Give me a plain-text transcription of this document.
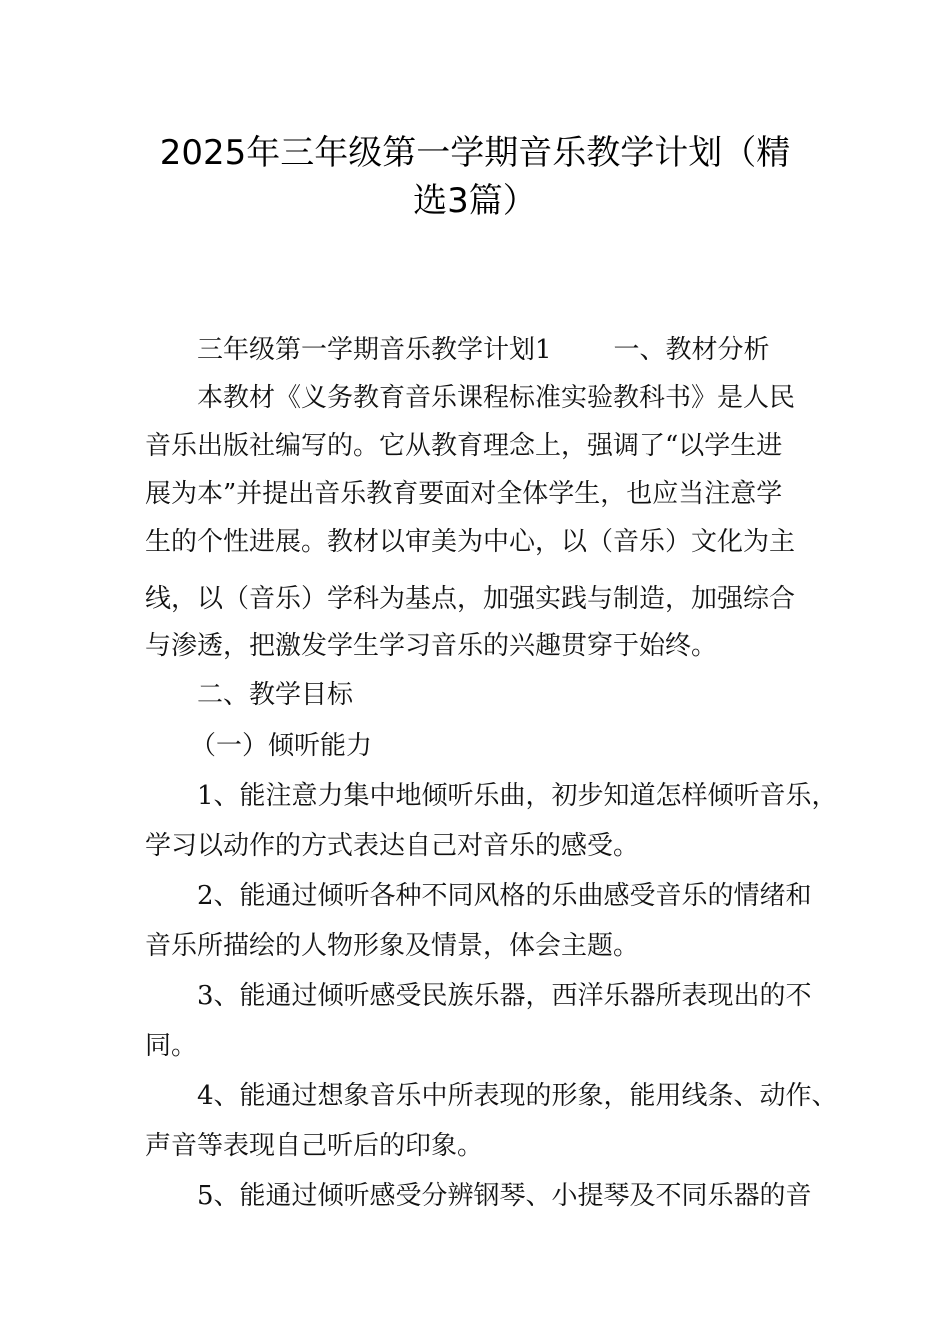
2025年三年级第一学期音乐教学计划（精
选3篇）
三年级第一学期音乐教学计划1 一、教材分析
本教材《义务教育音乐课程标准实验教科书》是人民
音乐出版社编写的。它从教育理念上，强调了“以学生进
展为本”并提出音乐教育要面对全体学生，也应当注意学
生的个性进展。教材以审美为中心，以（音乐）文化为主
线，以（音乐）学科为基点，加强实践与制造，加强综合
与渗透，把激发学生学习音乐的兴趣贯穿于始终。
二、教学目标
（一）倾听能力
1、能注意力集中地倾听乐曲，初步知道怎样倾听音乐，
学习以动作的方式表达自己对音乐的感受。
2、能通过倾听各种不同风格的乐曲感受音乐的情绪和
音乐所描绘的人物形象及情景，体会主题。
3、能通过倾听感受民族乐器，西洋乐器所表现出的不
同。
4、能通过想象音乐中所表现的形象，能用线条、动作、
声音等表现自己听后的印象。
5、能通过倾听感受分辨钢琴、小提琴及不同乐器的音
